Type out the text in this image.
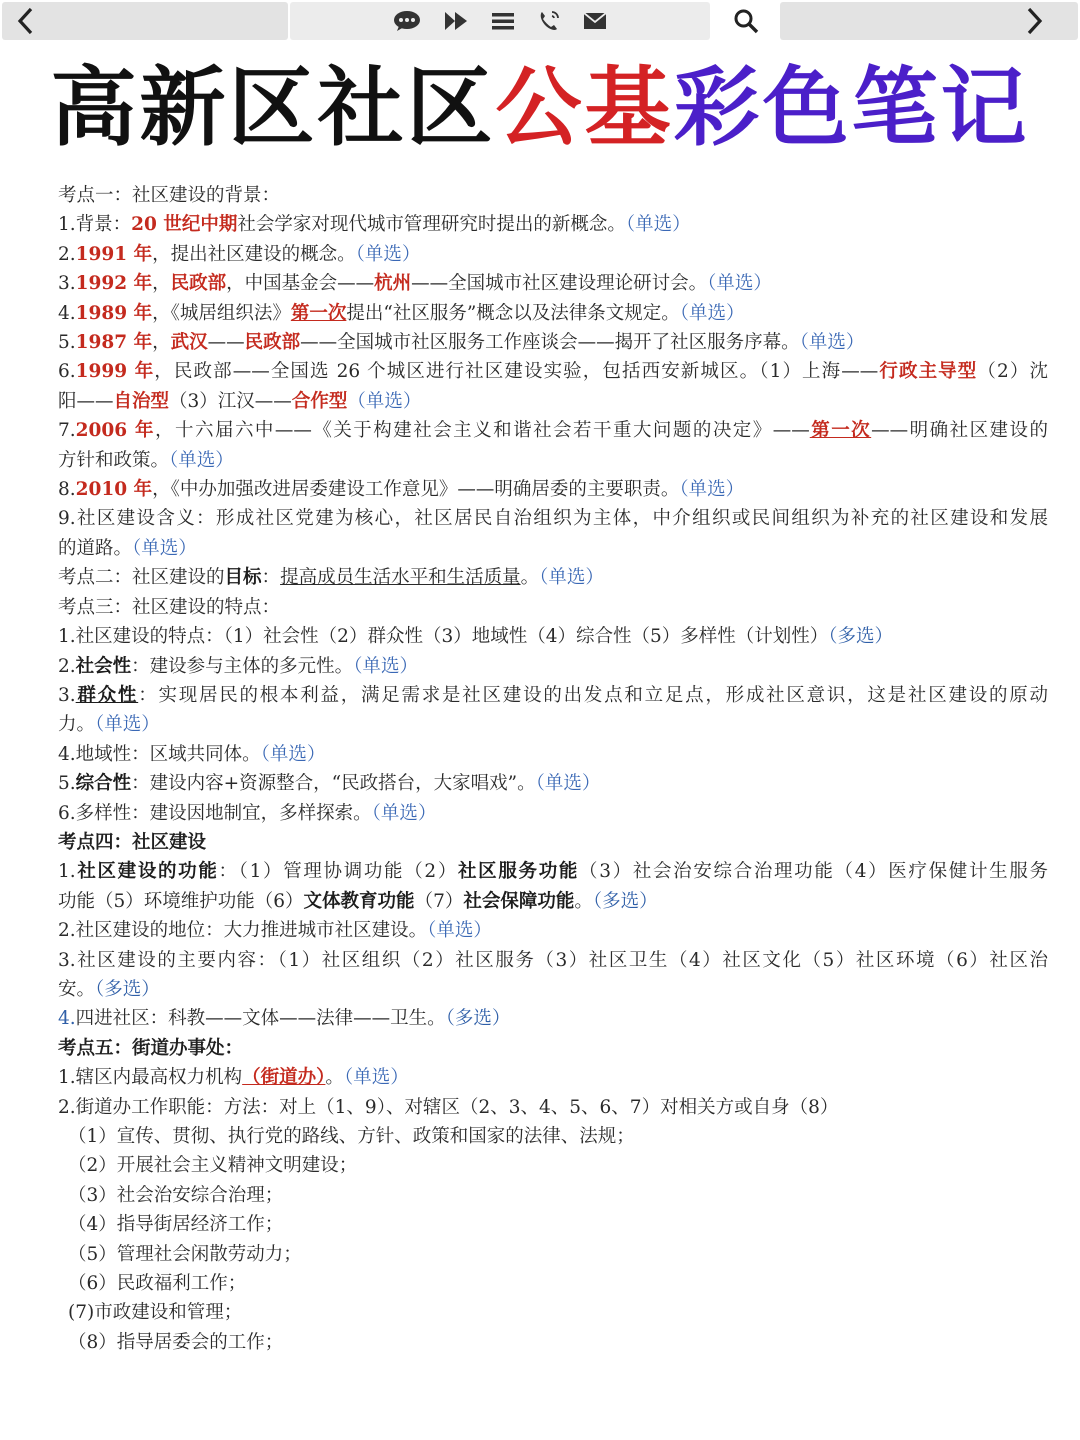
高新区社区公基彩色笔记

考点一：社区建设的背景：

1.背景：20 世纪中期社会学家对现代城市管理研究时提出的新概念。（单选）

2.1991 年，提出社区建设的概念。（单选）

3.1992 年，民政部，中国基金会——杭州——全国城市社区建设理论研讨会。（单选）

4.1989 年，《城居组织法》第一次提出“社区服务”概念以及法律条文规定。（单选）

5.1987 年，武汉——民政部——全国城市社区服务工作座谈会——揭开了社区服务序幕。（单选）

6.1999 年，民政部——全国选 26 个城区进行社区建设实验，包括西安新城区。（1）上海——行政主导型（2）沈

阳——自治型（3）江汉——合作型（单选）

7.2006 年，十六届六中——《关于构建社会主义和谐社会若干重大问题的决定》——第一次——明确社区建设的

方针和政策。（单选）

8.2010 年，《中办加强改进居委建设工作意见》——明确居委的主要职责。（单选）

9.社区建设含义：形成社区党建为核心，社区居民自治组织为主体，中介组织或民间组织为补充的社区建设和发展

的道路。（单选）

考点二：社区建设的目标：提高成员生活水平和生活质量。（单选）

考点三：社区建设的特点：

1.社区建设的特点：（1）社会性（2）群众性（3）地域性（4）综合性（5）多样性（计划性）（多选）

2.社会性：建设参与主体的多元性。（单选）

3.群众性：实现居民的根本利益，满足需求是社区建设的出发点和立足点，形成社区意识，这是社区建设的原动

力。（单选）

4.地域性：区域共同体。（单选）

5.综合性：建设内容+资源整合，“民政搭台，大家唱戏”。（单选）

6.多样性：建设因地制宜，多样探索。（单选）

考点四：社区建设

1.社区建设的功能：（1）管理协调功能（2）社区服务功能（3）社会治安综合治理功能（4）医疗保健计生服务

功能（5）环境维护功能（6）文体教育功能（7）社会保障功能。（多选）

2.社区建设的地位：大力推进城市社区建设。（单选）

3.社区建设的主要内容：（1）社区组织（2）社区服务（3）社区卫生（4）社区文化（5）社区环境（6）社区治

安。（多选）

4.四进社区：科教——文体——法律——卫生。（多选）

考点五：街道办事处：

1.辖区内最高权力机构（街道办）。（单选）

2.街道办工作职能：方法：对上（1、9）、对辖区（2、3、4、5、6、7）对相关方或自身（8）

（1）宣传、贯彻、执行党的路线、方针、政策和国家的法律、法规；

（2）开展社会主义精神文明建设；

（3）社会治安综合治理；

（4）指导街居经济工作；

（5）管理社会闲散劳动力；

（6）民政福利工作；

(7)市政建设和管理；

（8）指导居委会的工作；
